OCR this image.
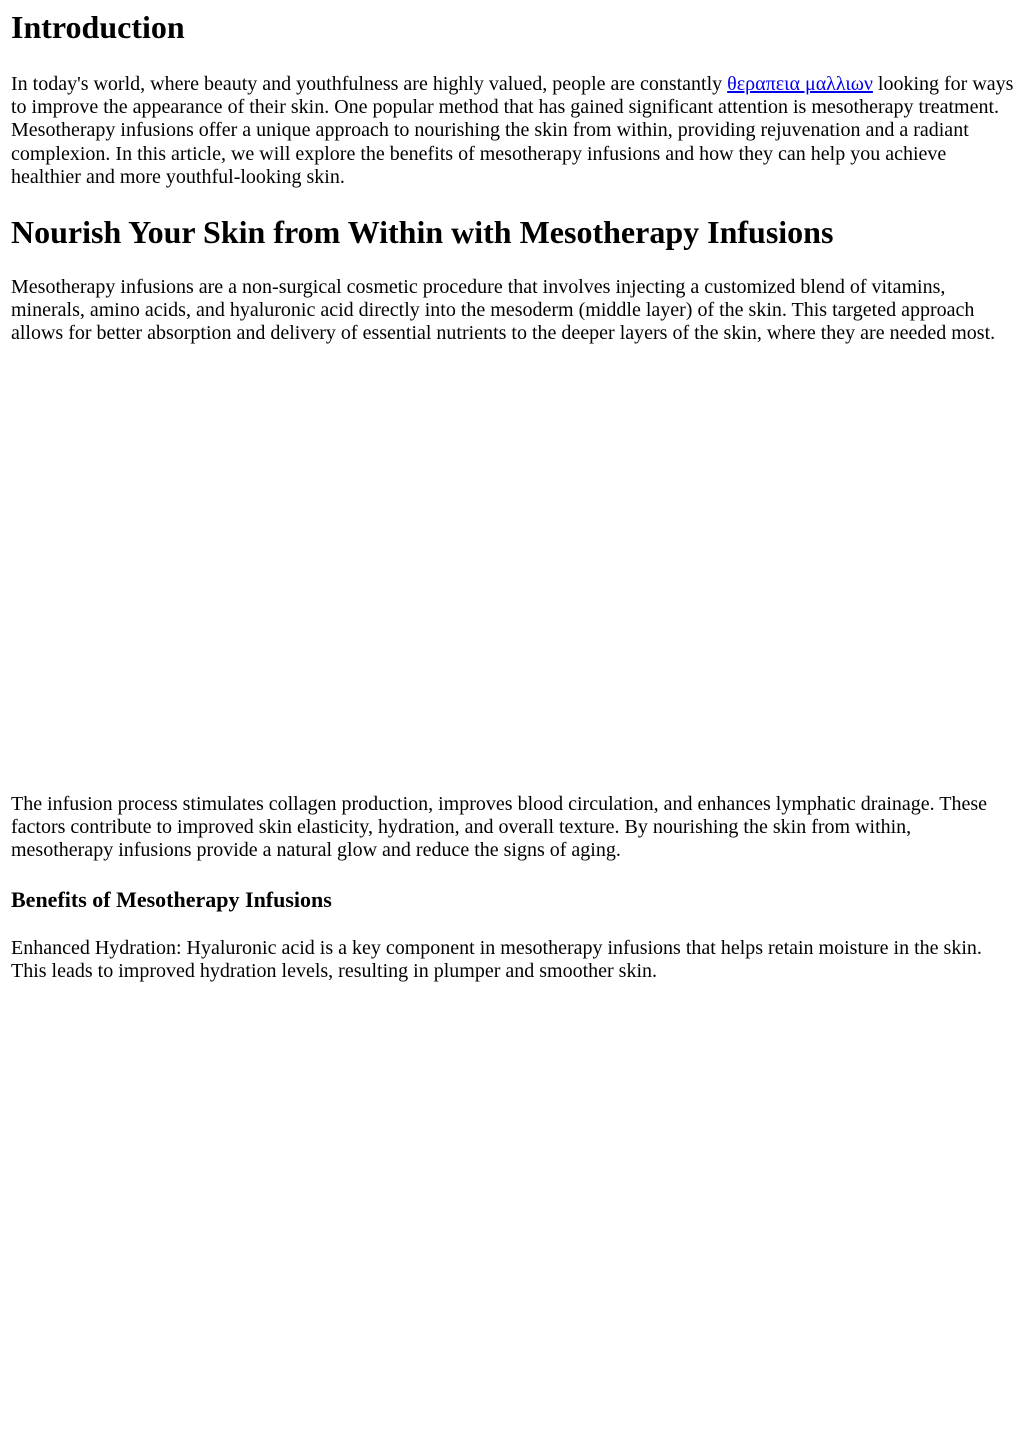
Introduction

In today's world, where beauty and youthfulness are highly valued, people are constantly θεραπεια μαλλιων looking for ways to improve the appearance of their skin. One popular method that has gained significant attention is mesotherapy treatment. Mesotherapy infusions offer a unique approach to nourishing the skin from within, providing rejuvenation and a radiant complexion. In this article, we will explore the benefits of mesotherapy infusions and how they can help you achieve healthier and more youthful-looking skin.

Nourish Your Skin from Within with Mesotherapy Infusions

Mesotherapy infusions are a non-surgical cosmetic procedure that involves injecting a customized blend of vitamins, minerals, amino acids, and hyaluronic acid directly into the mesoderm (middle layer) of the skin. This targeted approach allows for better absorption and delivery of essential nutrients to the deeper layers of the skin, where they are needed most.

The infusion process stimulates collagen production, improves blood circulation, and enhances lymphatic drainage. These factors contribute to improved skin elasticity, hydration, and overall texture. By nourishing the skin from within, mesotherapy infusions provide a natural glow and reduce the signs of aging.

Benefits of Mesotherapy Infusions

Enhanced Hydration: Hyaluronic acid is a key component in mesotherapy infusions that helps retain moisture in the skin. This leads to improved hydration levels, resulting in plumper and smoother skin.
